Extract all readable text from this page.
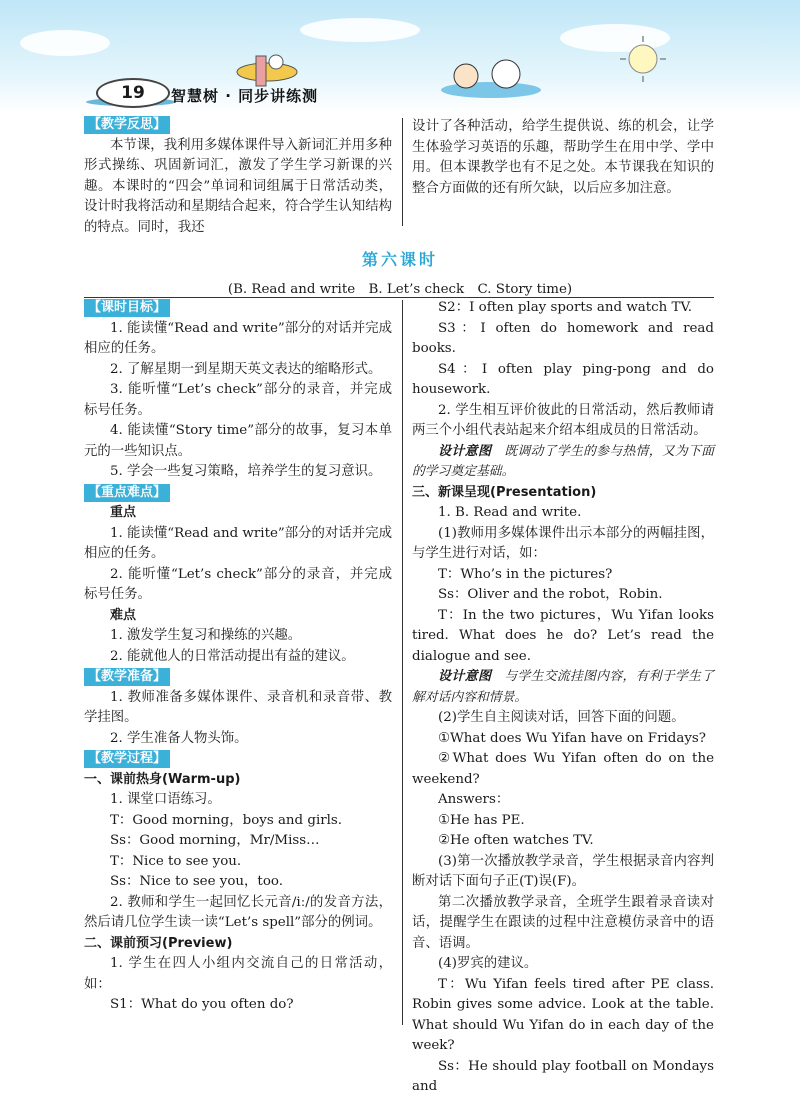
19	智慧树 · 同步讲练测
【教学反思】

本节课，我利用多媒体课件导入新词汇并用多种形式操练、巩固新词汇，激发了学生学习新课的兴趣。本课时的“四会”单词和词组属于日常活动类，设计时我将活动和星期结合起来，符合学生认知结构的特点。同时，我还

设计了各种活动，给学生提供说、练的机会，让学生体验学习英语的乐趣，帮助学生在用中学、学中用。但本课教学也有不足之处。本节课我在知识的整合方面做的还有所欠缺，以后应多加注意。

第六课时
(B. Read and write　B. Let’s check　C. Story time)
【课时目标】

1. 能读懂“Read and write”部分的对话并完成相应的任务。

2. 了解星期一到星期天英文表达的缩略形式。

3. 能听懂“Let’s check”部分的录音，并完成标号任务。

4. 能读懂“Story time”部分的故事，复习本单元的一些知识点。

5. 学会一些复习策略，培养学生的复习意识。

【重点难点】

重点

1. 能读懂“Read and write”部分的对话并完成相应的任务。

2. 能听懂“Let’s check”部分的录音，并完成标号任务。

难点

1. 激发学生复习和操练的兴趣。

2. 能就他人的日常活动提出有益的建议。

【教学准备】

1. 教师准备多媒体课件、录音机和录音带、教学挂图。

2. 学生准备人物头饰。

【教学过程】

一、课前热身(Warm-up)

1. 课堂口语练习。

T：Good morning，boys and girls.

Ss：Good morning，Mr/Miss…

T：Nice to see you.

Ss：Nice to see you，too.

2. 教师和学生一起回忆长元音/iː/的发音方法，然后请几位学生读一读“Let’s spell”部分的例词。

二、课前预习(Preview)

1. 学生在四人小组内交流自己的日常活动，如：

S1：What do you often do?

S2：I often play sports and watch TV.

S3：I often do homework and read books.

S4：I often play ping-pong and do housework.

2. 学生相互评价彼此的日常活动，然后教师请两三个小组代表站起来介绍本组成员的日常活动。

设计意图　 既调动了学生的参与热情，又为下面的学习奠定基础。

三、新课呈现(Presentation)

1. B. Read and write.

(1)教师用多媒体课件出示本部分的两幅挂图，与学生进行对话，如：

T：Who’s in the pictures?

Ss：Oliver and the robot，Robin.

T：In the two pictures，Wu Yifan looks tired. What does he do? Let’s read the dialogue and see.

设计意图　 与学生交流挂图内容，有利于学生了解对话内容和情景。

(2)学生自主阅读对话，回答下面的问题。

①What does Wu Yifan have on Fridays?

②What does Wu Yifan often do on the weekend?

Answers：

①He has PE.

②He often watches TV.

(3)第一次播放教学录音，学生根据录音内容判断对话下面句子正(T)误(F)。

第二次播放教学录音，全班学生跟着录音读对话，提醒学生在跟读的过程中注意模仿录音中的语音、语调。

(4)罗宾的建议。

T：Wu Yifan feels tired after PE class. Robin gives some advice. Look at the table. What should Wu Yifan do in each day of the week?

Ss：He should play football on Mondays and
